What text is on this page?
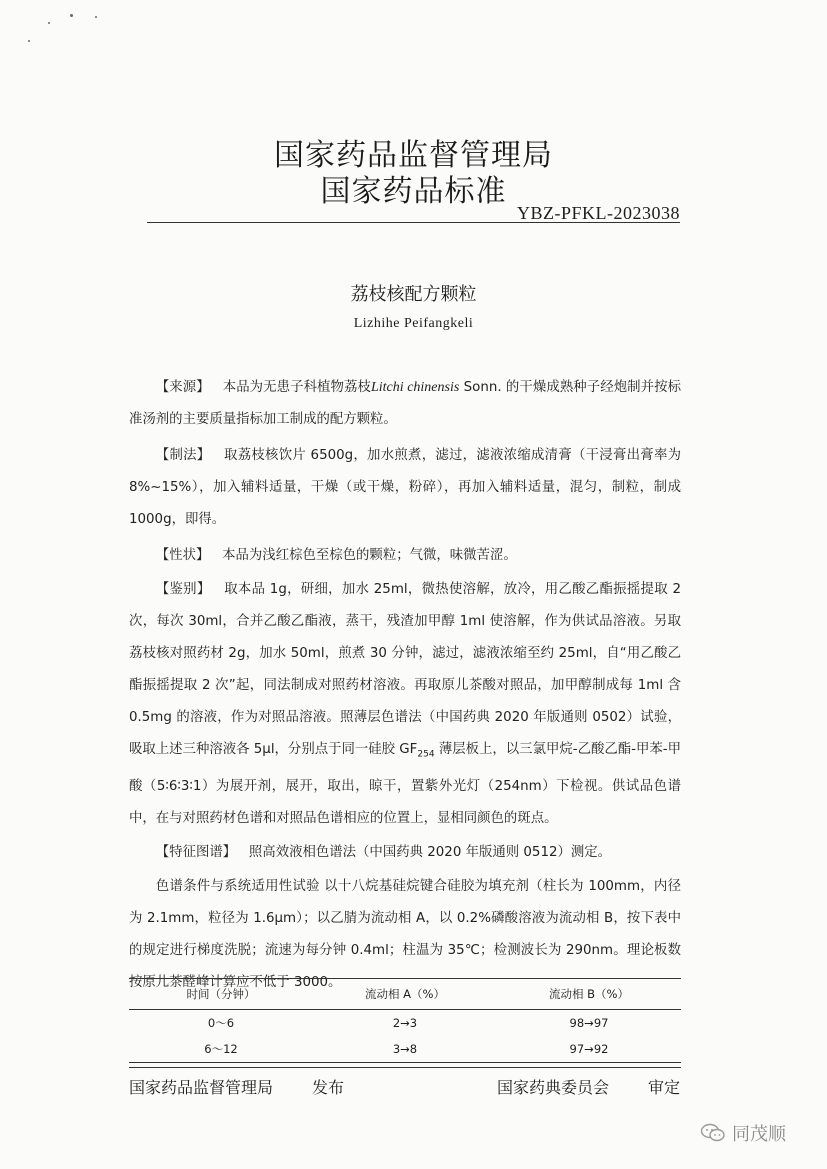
国家药品监督管理局
国家药品标准
YBZ-PFKL-2023038
荔枝核配方颗粒
Lizhihe Peifangkeli

【来源】 本品为无患子科植物荔枝Litchi chinensis Sonn. 的干燥成熟种子经炮制并按标准汤剂的主要质量指标加工制成的配方颗粒。

【制法】 取荔枝核饮片 6500g，加水煎煮，滤过，滤液浓缩成清膏（干浸膏出膏率为 8%~15%），加入辅料适量，干燥（或干燥，粉碎），再加入辅料适量，混匀，制粒，制成 1000g，即得。

【性状】 本品为浅红棕色至棕色的颗粒；气微，味微苦涩。

【鉴别】 取本品 1g，研细，加水 25ml，微热使溶解，放冷，用乙酸乙酯振摇提取 2 次，每次 30ml，合并乙酸乙酯液，蒸干，残渣加甲醇 1ml 使溶解，作为供试品溶液。另取荔枝核对照药材 2g，加水 50ml，煎煮 30 分钟，滤过，滤液浓缩至约 25ml，自“用乙酸乙酯振摇提取 2 次”起，同法制成对照药材溶液。再取原儿茶酸对照品，加甲醇制成每 1ml 含 0.5mg 的溶液，作为对照品溶液。照薄层色谱法（中国药典 2020 年版通则 0502）试验，吸取上述三种溶液各 5μl，分别点于同一硅胶 $GF_{254}$ 薄层板上，以三氯甲烷-乙酸乙酯-甲苯-甲酸（5∶6∶3∶1）为展开剂，展开，取出，晾干，置紫外光灯（254nm）下检视。供试品色谱中，在与对照药材色谱和对照品色谱相应的位置上，显相同颜色的斑点。

【特征图谱】 照高效液相色谱法（中国药典 2020 年版通则 0512）测定。

色谱条件与系统适用性试验 以十八烷基硅烷键合硅胶为填充剂（柱长为 100mm，内径为 2.1mm，粒径为 1.6μm）；以乙腈为流动相 A，以 0.2%磷酸溶液为流动相 B，按下表中的规定进行梯度洗脱；流速为每分钟 0.4ml；柱温为 35℃；检测波长为 290nm。理论板数按原儿茶醛峰计算应不低于 3000。

时间（分钟）	流动相 A（%）	流动相 B（%）
0～6	2→3	98→97
6～12	3→8	97→92
国家药品监督管理局 发布	国家药典委员会 审定
同茂顺
